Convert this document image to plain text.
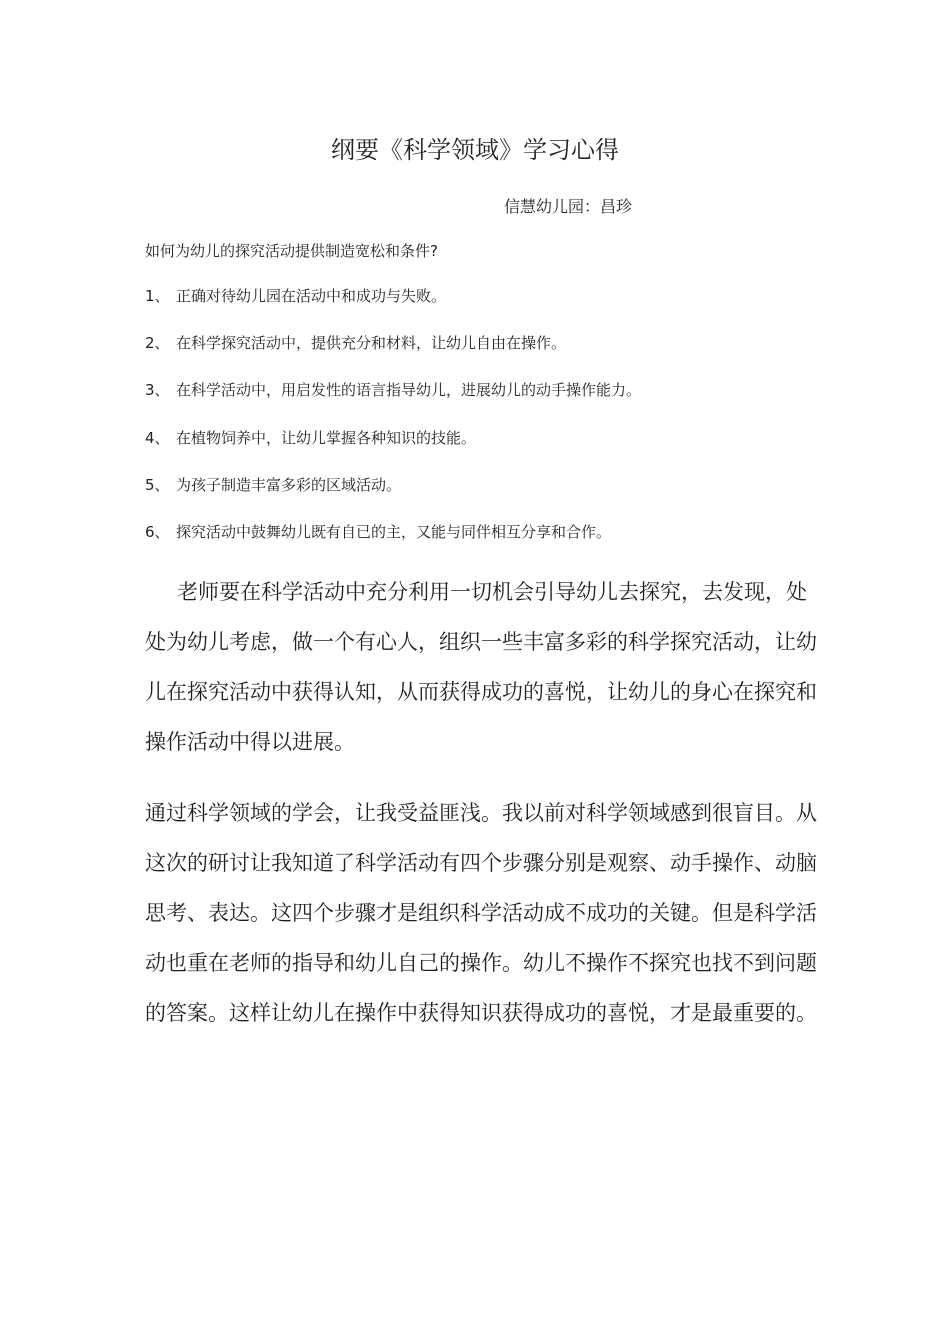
纲要《科学领域》学习心得
信慧幼儿园：昌珍
如何为幼儿的探究活动提供制造宽松和条件?
1、 正确对待幼儿园在活动中和成功与失败。
2、 在科学探究活动中，提供充分和材料，让幼儿自由在操作。
3、 在科学活动中，用启发性的语言指导幼儿，进展幼儿的动手操作能力。
4、 在植物饲养中，让幼儿掌握各种知识的技能。
5、 为孩子制造丰富多彩的区域活动。
6、 探究活动中鼓舞幼儿既有自已的主，又能与同伴相互分享和合作。

老师要在科学活动中充分利用一切机会引导幼儿去探究，去发现，处处为幼儿考虑，做一个有心人，组织一些丰富多彩的科学探究活动，让幼儿在探究活动中获得认知，从而获得成功的喜悦，让幼儿的身心在探究和操作活动中得以进展。

通过科学领域的学会，让我受益匪浅。我以前对科学领域感到很盲目。从这次的研讨让我知道了科学活动有四个步骤分别是观察、动手操作、动脑思考、表达。这四个步骤才是组织科学活动成不成功的关键。但是科学活动也重在老师的指导和幼儿自己的操作。幼儿不操作不探究也找不到问题的答案。这样让幼儿在操作中获得知识获得成功的喜悦，才是最重要的。
